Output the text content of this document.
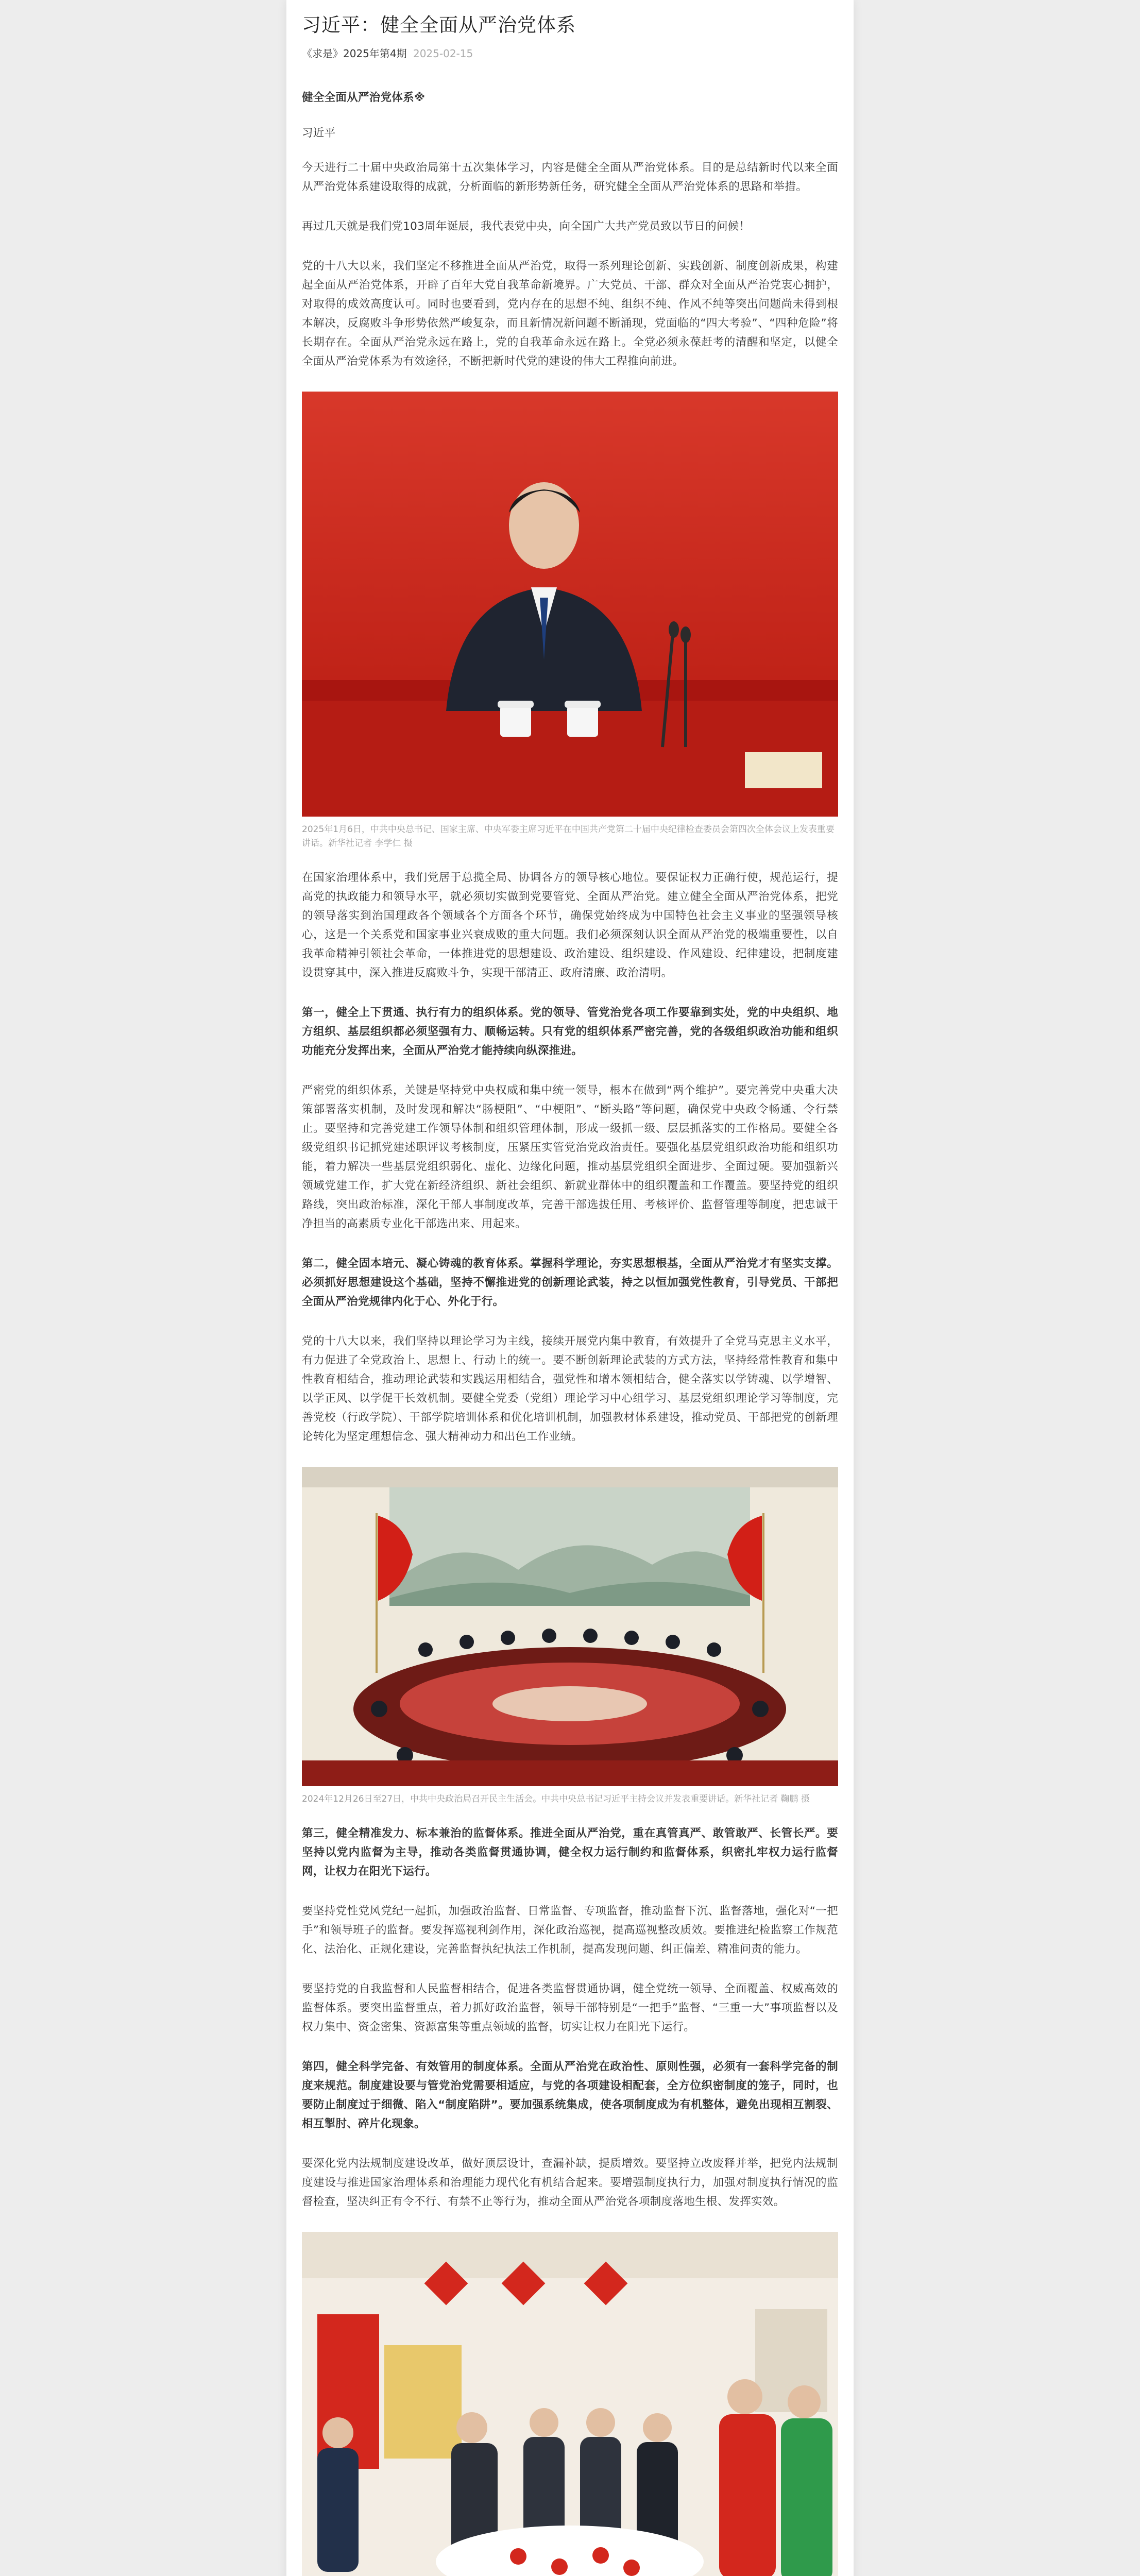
习近平：健全全面从严治党体系
《求是》2025年第4期 2025-02-15

健全全面从严治党体系※

习近平

今天进行二十届中央政治局第十五次集体学习，内容是健全全面从严治党体系。目的是总结新时代以来全面从严治党体系建设取得的成就，分析面临的新形势新任务，研究健全全面从严治党体系的思路和举措。

再过几天就是我们党103周年诞辰，我代表党中央，向全国广大共产党员致以节日的问候！

党的十八大以来，我们坚定不移推进全面从严治党，取得一系列理论创新、实践创新、制度创新成果，构建起全面从严治党体系，开辟了百年大党自我革命新境界。广大党员、干部、群众对全面从严治党衷心拥护，对取得的成效高度认可。同时也要看到，党内存在的思想不纯、组织不纯、作风不纯等突出问题尚未得到根本解决，反腐败斗争形势依然严峻复杂，而且新情况新问题不断涌现，党面临的“四大考验”、“四种危险”将长期存在。全面从严治党永远在路上，党的自我革命永远在路上。全党必须永葆赶考的清醒和坚定，以健全全面从严治党体系为有效途径，不断把新时代党的建设的伟大工程推向前进。

2025年1月6日，中共中央总书记、国家主席、中央军委主席习近平在中国共产党第二十届中央纪律检查委员会第四次全体会议上发表重要讲话。新华社记者 李学仁 摄

在国家治理体系中，我们党居于总揽全局、协调各方的领导核心地位。要保证权力正确行使，规范运行，提高党的执政能力和领导水平，就必须切实做到党要管党、全面从严治党。建立健全全面从严治党体系，把党的领导落实到治国理政各个领域各个方面各个环节，确保党始终成为中国特色社会主义事业的坚强领导核心，这是一个关系党和国家事业兴衰成败的重大问题。我们必须深刻认识全面从严治党的极端重要性，以自我革命精神引领社会革命，一体推进党的思想建设、政治建设、组织建设、作风建设、纪律建设，把制度建设贯穿其中，深入推进反腐败斗争，实现干部清正、政府清廉、政治清明。

第一，健全上下贯通、执行有力的组织体系。党的领导、管党治党各项工作要靠到实处，党的中央组织、地方组织、基层组织都必须坚强有力、顺畅运转。只有党的组织体系严密完善，党的各级组织政治功能和组织功能充分发挥出来，全面从严治党才能持续向纵深推进。

严密党的组织体系，关键是坚持党中央权威和集中统一领导，根本在做到“两个维护”。要完善党中央重大决策部署落实机制，及时发现和解决“肠梗阻”、“中梗阻”、“断头路”等问题，确保党中央政令畅通、令行禁止。要坚持和完善党建工作领导体制和组织管理体制，形成一级抓一级、层层抓落实的工作格局。要健全各级党组织书记抓党建述职评议考核制度，压紧压实管党治党政治责任。要强化基层党组织政治功能和组织功能，着力解决一些基层党组织弱化、虚化、边缘化问题，推动基层党组织全面进步、全面过硬。要加强新兴领域党建工作，扩大党在新经济组织、新社会组织、新就业群体中的组织覆盖和工作覆盖。要坚持党的组织路线，突出政治标准，深化干部人事制度改革，完善干部选拔任用、考核评价、监督管理等制度，把忠诚干净担当的高素质专业化干部选出来、用起来。

第二，健全固本培元、凝心铸魂的教育体系。掌握科学理论，夯实思想根基，全面从严治党才有坚实支撑。必须抓好思想建设这个基础，坚持不懈推进党的创新理论武装，持之以恒加强党性教育，引导党员、干部把全面从严治党规律内化于心、外化于行。

党的十八大以来，我们坚持以理论学习为主线，接续开展党内集中教育，有效提升了全党马克思主义水平，有力促进了全党政治上、思想上、行动上的统一。要不断创新理论武装的方式方法，坚持经常性教育和集中性教育相结合，推动理论武装和实践运用相结合，强党性和增本领相结合，健全落实以学铸魂、以学增智、以学正风、以学促干长效机制。要健全党委（党组）理论学习中心组学习、基层党组织理论学习等制度，完善党校（行政学院）、干部学院培训体系和优化培训机制，加强教材体系建设，推动党员、干部把党的创新理论转化为坚定理想信念、强大精神动力和出色工作业绩。

2024年12月26日至27日，中共中央政治局召开民主生活会。中共中央总书记习近平主持会议并发表重要讲话。新华社记者 鞠鹏 摄

第三，健全精准发力、标本兼治的监督体系。推进全面从严治党，重在真管真严、敢管敢严、长管长严。要坚持以党内监督为主导，推动各类监督贯通协调，健全权力运行制约和监督体系，织密扎牢权力运行监督网，让权力在阳光下运行。

要坚持党性党风党纪一起抓，加强政治监督、日常监督、专项监督，推动监督下沉、监督落地，强化对“一把手”和领导班子的监督。要发挥巡视利剑作用，深化政治巡视，提高巡视整改质效。要推进纪检监察工作规范化、法治化、正规化建设，完善监督执纪执法工作机制，提高发现问题、纠正偏差、精准问责的能力。

要坚持党的自我监督和人民监督相结合，促进各类监督贯通协调，健全党统一领导、全面覆盖、权威高效的监督体系。要突出监督重点，着力抓好政治监督，领导干部特别是“一把手”监督、“三重一大”事项监督以及权力集中、资金密集、资源富集等重点领域的监督，切实让权力在阳光下运行。

第四，健全科学完备、有效管用的制度体系。全面从严治党在政治性、原则性强，必须有一套科学完备的制度来规范。制度建设要与管党治党需要相适应，与党的各项建设相配套，全方位织密制度的笼子，同时，也要防止制度过于细微、陷入“制度陷阱”。要加强系统集成，使各项制度成为有机整体，避免出现相互割裂、相互掣肘、碎片化现象。

要深化党内法规制度建设改革，做好顶层设计，查漏补缺，提质增效。要坚持立改废释并举，把党内法规制度建设与推进国家治理体系和治理能力现代化有机结合起来。要增强制度执行力，加强对制度执行情况的监督检查，坚决纠正有令不行、有禁不止等行为，推动全面从严治党各项制度落地生根、发挥实效。
